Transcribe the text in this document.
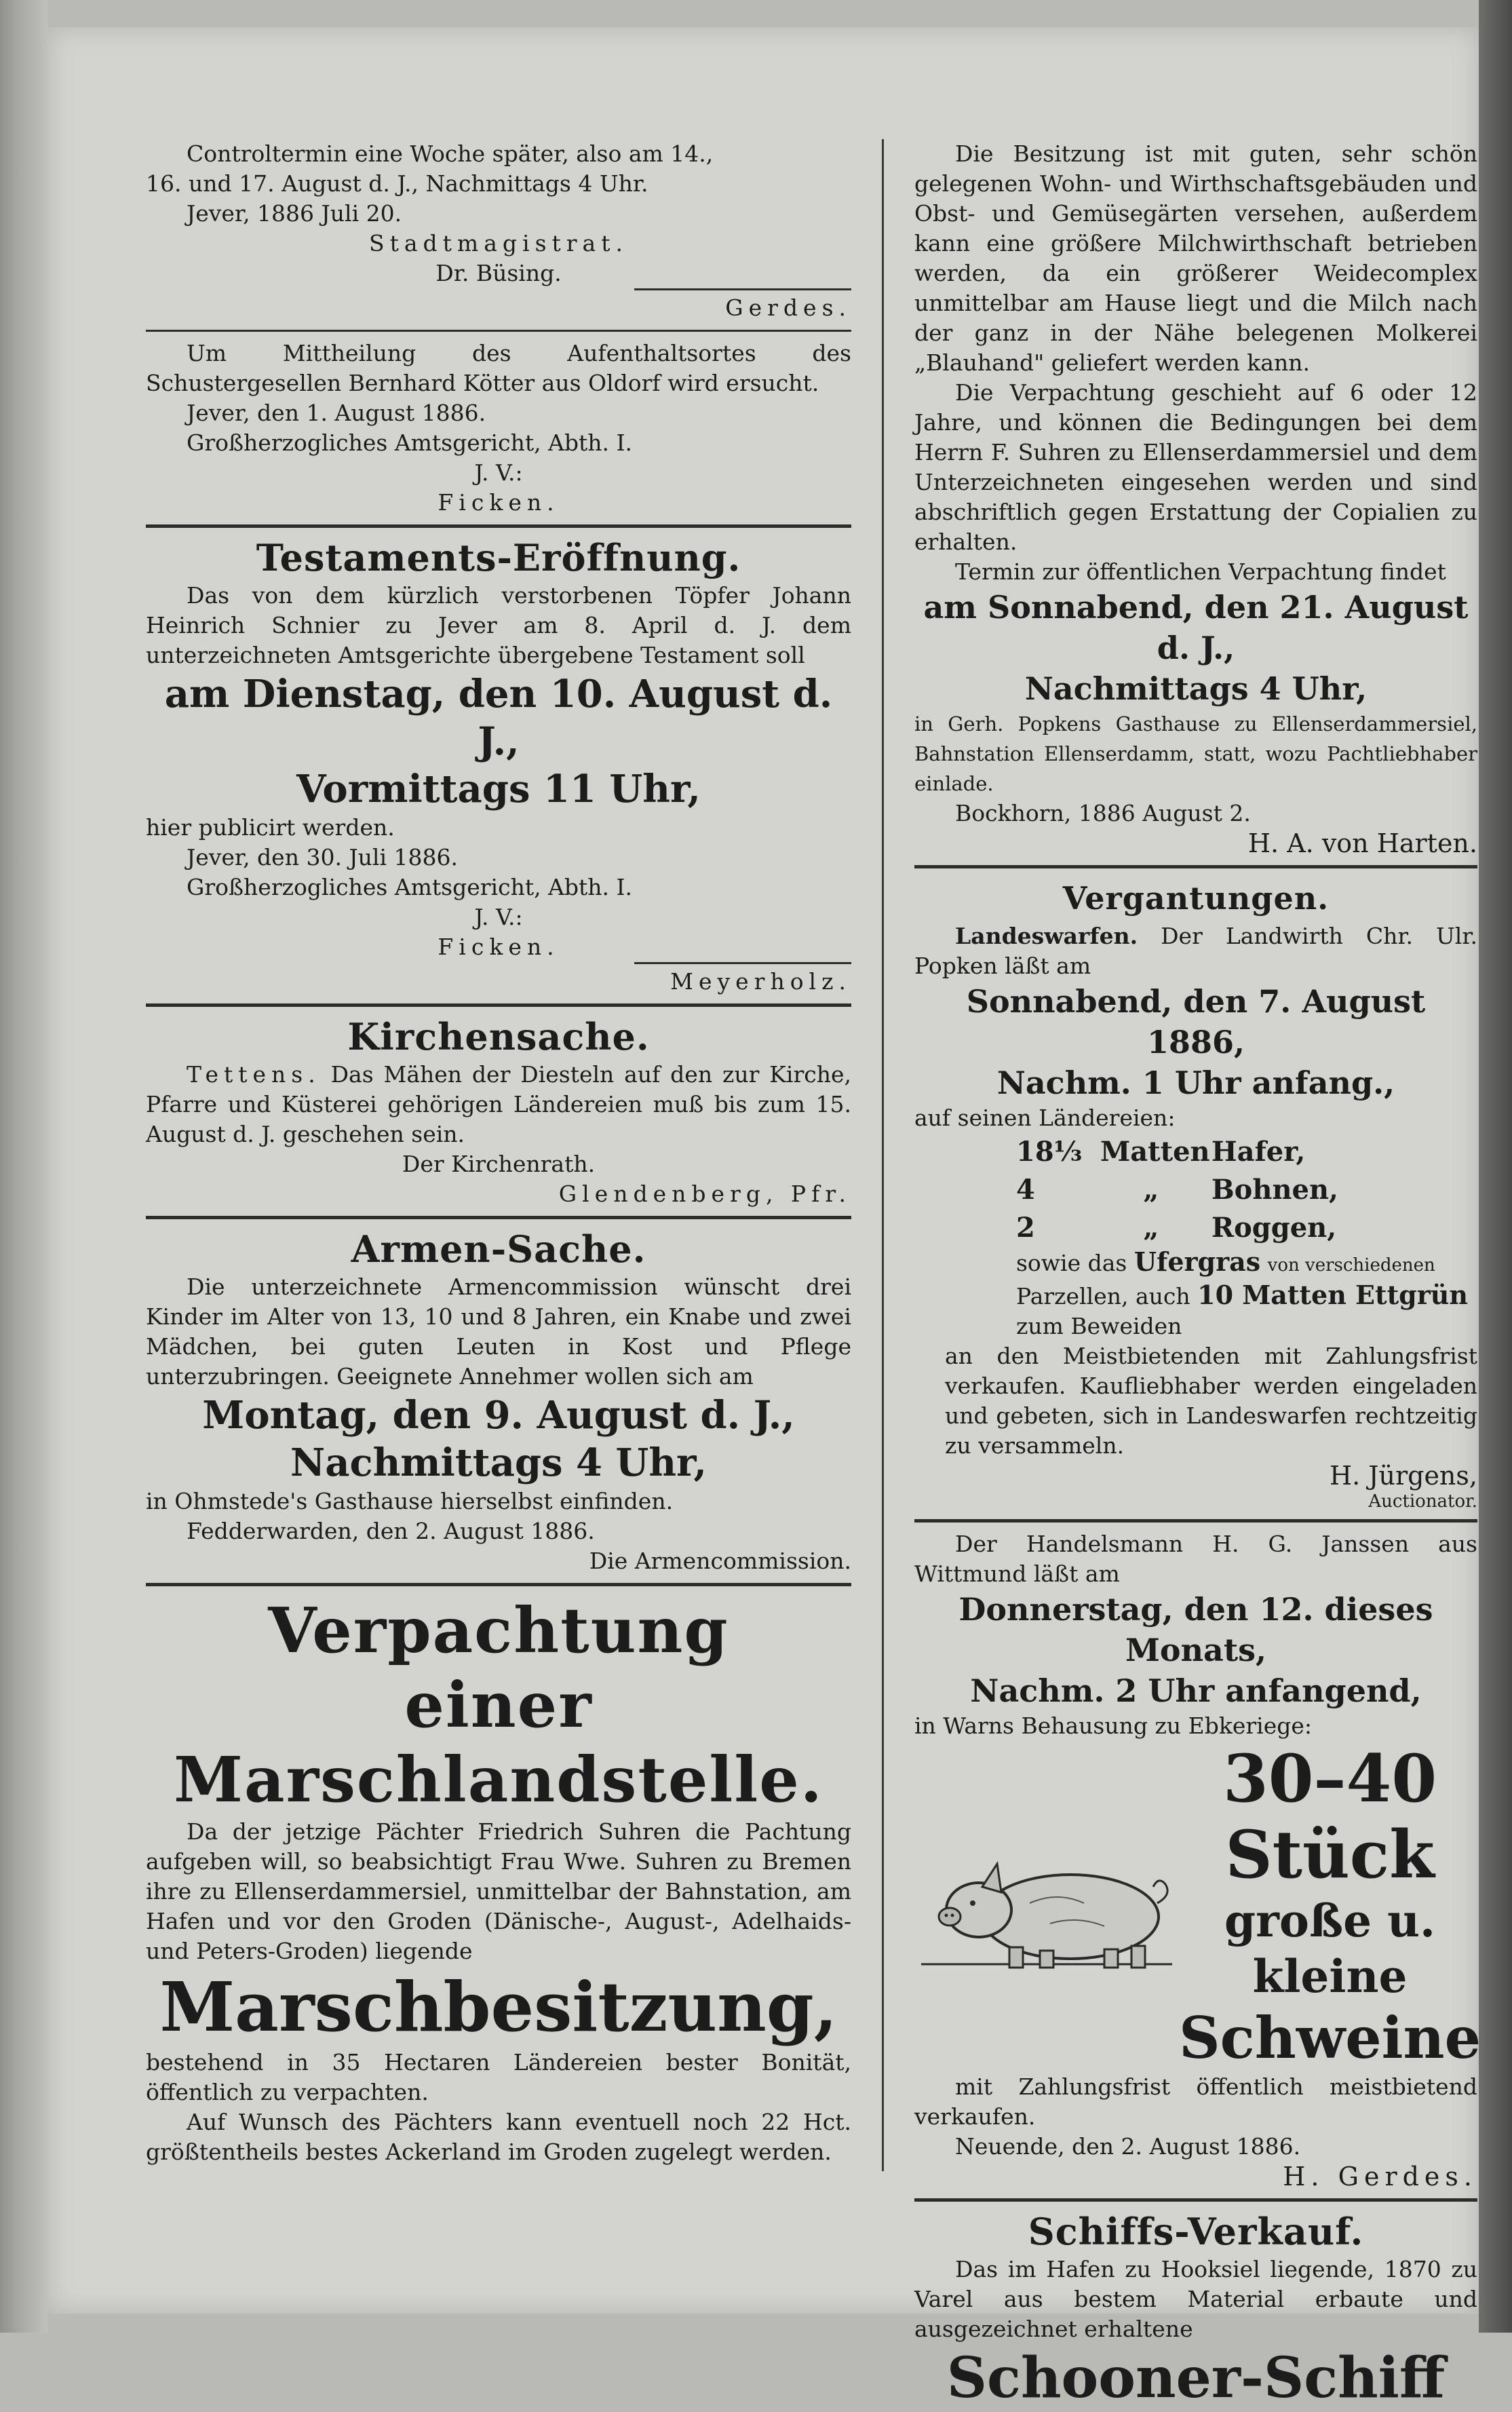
Controltermin eine Woche später, also am 14.,

16. und 17. August d. J., Nachmittags 4 Uhr.

Jever, 1886 Juli 20.

Stadtmagistrat.

Dr. Büsing.

Gerdes.

Um Mittheilung des Aufenthaltsortes des Schustergesellen Bernhard Kötter aus Oldorf wird ersucht.

Jever, den 1. August 1886.

Großherzogliches Amtsgericht, Abth. I.

J. V.:

Ficken.

Testaments-Eröffnung.

Das von dem kürzlich verstorbenen Töpfer Johann Heinrich Schnier zu Jever am 8. April d. J. dem unterzeichneten Amtsgerichte übergebene Testament soll

am Dienstag, den 10. August d. J.,
Vormittags 11 Uhr,

hier publicirt werden.

Jever, den 30. Juli 1886.

Großherzogliches Amtsgericht, Abth. I.

J. V.:

Ficken.

Meyerholz.

Kirchensache.

Tettens. Das Mähen der Diesteln auf den zur Kirche, Pfarre und Küsterei gehörigen Ländereien muß bis zum 15. August d. J. geschehen sein.

Der Kirchenrath.

Glendenberg, Pfr.

Armen-Sache.

Die unterzeichnete Armencommission wünscht drei Kinder im Alter von 13, 10 und 8 Jahren, ein Knabe und zwei Mädchen, bei guten Leuten in Kost und Pflege unterzubringen. Geeignete Annehmer wollen sich am

Montag, den 9. August d. J.,
Nachmittags 4 Uhr,

in Ohmstede's Gasthause hierselbst einfinden.

Fedderwarden, den 2. August 1886.

Die Armencommission.

Verpachtung
einer Marschlandstelle.

Da der jetzige Pächter Friedrich Suhren die Pachtung aufgeben will, so beabsichtigt Frau Wwe. Suhren zu Bremen ihre zu Ellenserdammersiel, unmittelbar der Bahnstation, am Hafen und vor den Groden (Dänische-, August-, Adelhaids- und Peters-Groden) liegende

Marschbesitzung,

bestehend in 35 Hectaren Ländereien bester Bonität, öffentlich zu verpachten.

Auf Wunsch des Pächters kann eventuell noch 22 Hct. größtentheils bestes Ackerland im Groden zugelegt werden.

Die Besitzung ist mit guten, sehr schön gelegenen Wohn- und Wirthschaftsgebäuden und Obst- und Gemüsegärten versehen, außerdem kann eine größere Milchwirthschaft betrieben werden, da ein größerer Weidecomplex unmittelbar am Hause liegt und die Milch nach der ganz in der Nähe belegenen Molkerei „Blauhand" geliefert werden kann.

Die Verpachtung geschieht auf 6 oder 12 Jahre, und können die Bedingungen bei dem Herrn F. Suhren zu Ellenserdammersiel und dem Unterzeichneten eingesehen werden und sind abschriftlich gegen Erstattung der Copialien zu erhalten.

Termin zur öffentlichen Verpachtung findet

am Sonnabend, den 21. August d. J.,
Nachmittags 4 Uhr,

in Gerh. Popkens Gasthause zu Ellenserdammersiel, Bahnstation Ellenserdamm, statt, wozu Pachtliebhaber einlade.

Bockhorn, 1886 August 2.

H. A. von Harten.

Vergantungen.

Landeswarfen. Der Landwirth Chr. Ulr. Popken läßt am

Sonnabend, den 7. August 1886,
Nachm. 1 Uhr anfang.,

auf seinen Ländereien:

18⅓ Matten Hafer,
4	„ Bohnen,
2	„ Roggen,

sowie das Ufergras von verschiedenen

Parzellen, auch 10 Matten Ettgrün

zum Beweiden

an den Meistbietenden mit Zahlungsfrist verkaufen. Kaufliebhaber werden eingeladen und gebeten, sich in Landeswarfen rechtzeitig zu versammeln.

H. Jürgens,

Auctionator.

Der Handelsmann H. G. Janssen aus Wittmund läßt am

Donnerstag, den 12. dieses Monats,
Nachm. 2 Uhr anfangend,

in Warns Behausung zu Ebkeriege:

30–40 Stück
große u. kleine
Schweine

mit Zahlungsfrist öffentlich meistbietend verkaufen.

Neuende, den 2. August 1886.

H. Gerdes.

Schiffs-Verkauf.

Das im Hafen zu Hooksiel liegende, 1870 zu Varel aus bestem Material erbaute und ausgezeichnet erhaltene

Schooner-Schiff
